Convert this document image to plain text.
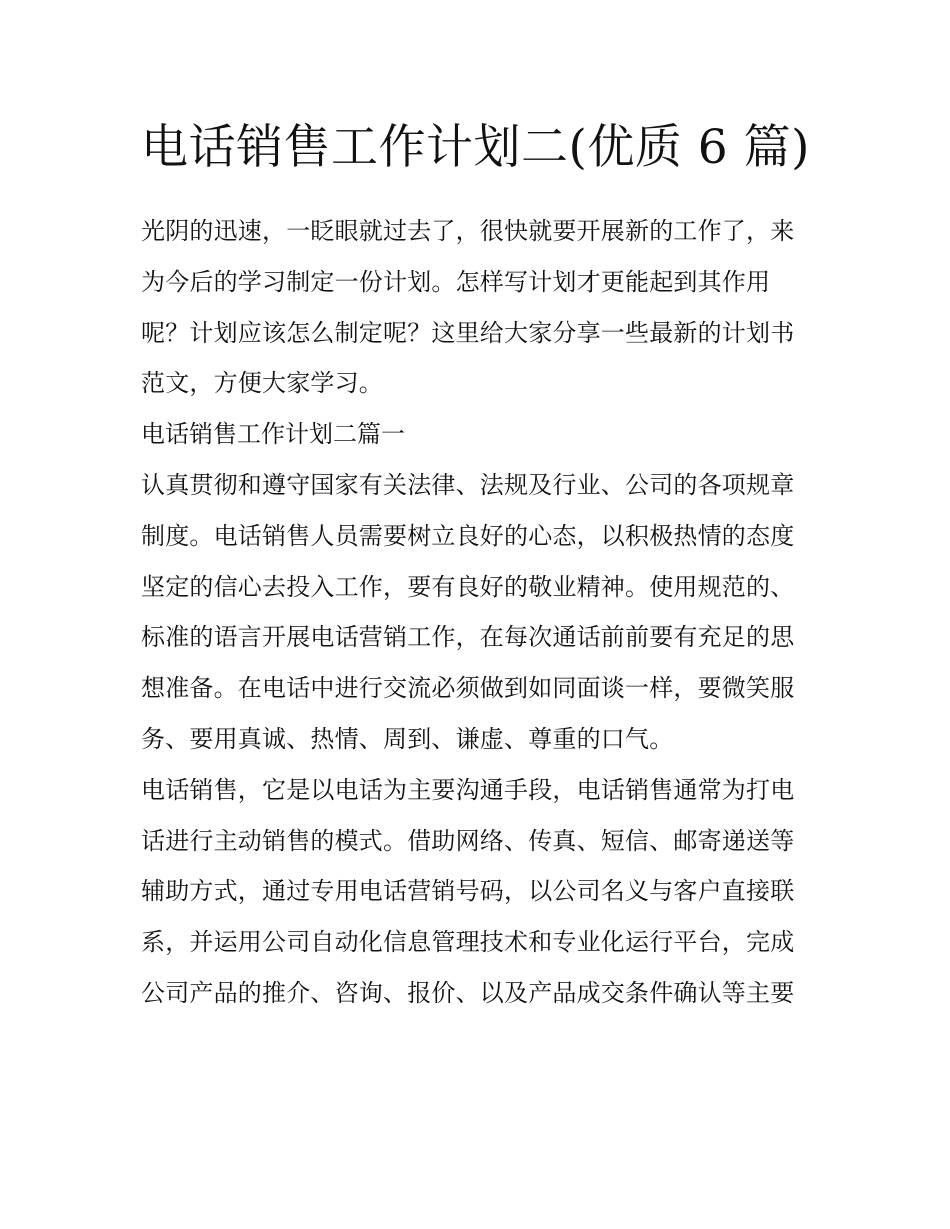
电话销售工作计划二(优质 6 篇)

光阴的迅速，一眨眼就过去了，很快就要开展新的工作了，来为今后的学习制定一份计划。怎样写计划才更能起到其作用呢？计划应该怎么制定呢？这里给大家分享一些最新的计划书范文，方便大家学习。

电话销售工作计划二篇一

认真贯彻和遵守国家有关法律、法规及行业、公司的各项规章制度。电话销售人员需要树立良好的心态，以积极热情的态度坚定的信心去投入工作，要有良好的敬业精神。使用规范的、标准的语言开展电话营销工作，在每次通话前前要有充足的思想准备。在电话中进行交流必须做到如同面谈一样，要微笑服务、要用真诚、热情、周到、谦虚、尊重的口气。

电话销售，它是以电话为主要沟通手段，电话销售通常为打电话进行主动销售的模式。借助网络、传真、短信、邮寄递送等辅助方式，通过专用电话营销号码，以公司名义与客户直接联系，并运用公司自动化信息管理技术和专业化运行平台，完成公司产品的推介、咨询、报价、以及产品成交条件确认等主要
